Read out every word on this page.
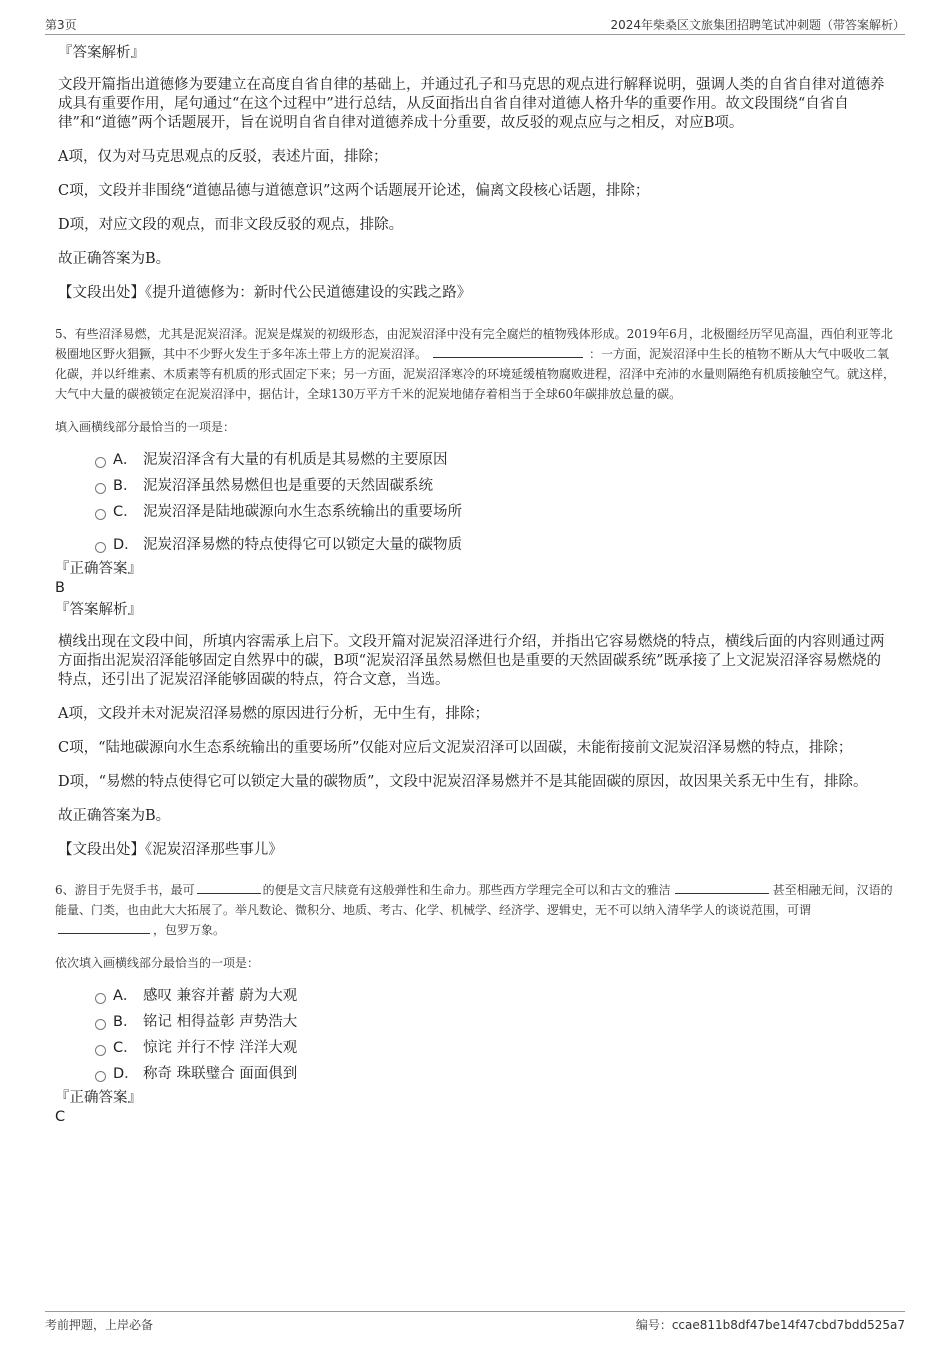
第3页	2024年柴桑区文旅集团招聘笔试冲刺题（带答案解析）

『答案解析』

文段开篇指出道德修为要建立在高度自省自律的基础上，并通过孔子和马克思的观点进行解释说明，强调人类的自省自律对道德养成具有重要作用，尾句通过“在这个过程中”进行总结，从反面指出自省自律对道德人格升华的重要作用。故文段围绕“自省自律”和“道德”两个话题展开，旨在说明自省自律对道德养成十分重要，故反驳的观点应与之相反，对应B项。

A项，仅为对马克思观点的反驳，表述片面，排除；

C项，文段并非围绕“道德品德与道德意识”这两个话题展开论述，偏离文段核心话题，排除；

D项，对应文段的观点，而非文段反驳的观点，排除。

故正确答案为B。

【文段出处】《提升道德修为：新时代公民道德建设的实践之路》

5、有些沼泽易燃，尤其是泥炭沼泽。泥炭是煤炭的初级形态，由泥炭沼泽中没有完全腐烂的植物残体形成。2019年6月，北极圈经历罕见高温，西伯利亚等北极圈地区野火猖獗，其中不少野火发生于多年冻土带上方的泥炭沼泽。	：一方面，泥炭沼泽中生长的植物不断从大气中吸收二氧化碳，并以纤维素、木质素等有机质的形式固定下来；另一方面，泥炭沼泽寒冷的环境延缓植物腐败进程，沼泽中充沛的水量则隔绝有机质接触空气。就这样，大气中大量的碳被锁定在泥炭沼泽中，据估计，全球130万平方千米的泥炭地储存着相当于全球60年碳排放总量的碳。

填入画横线部分最恰当的一项是：

A． 泥炭沼泽含有大量的有机质是其易燃的主要原因
B． 泥炭沼泽虽然易燃但也是重要的天然固碳系统
C． 泥炭沼泽是陆地碳源向水生态系统输出的重要场所
D． 泥炭沼泽易燃的特点使得它可以锁定大量的碳物质

『正确答案』

B

『答案解析』

横线出现在文段中间，所填内容需承上启下。文段开篇对泥炭沼泽进行介绍，并指出它容易燃烧的特点，横线后面的内容则通过两方面指出泥炭沼泽能够固定自然界中的碳，B项“泥炭沼泽虽然易燃但也是重要的天然固碳系统”既承接了上文泥炭沼泽容易燃烧的特点，还引出了泥炭沼泽能够固碳的特点，符合文意，当选。

A项，文段并未对泥炭沼泽易燃的原因进行分析，无中生有，排除；

C项，“陆地碳源向水生态系统输出的重要场所”仅能对应后文泥炭沼泽可以固碳，未能衔接前文泥炭沼泽易燃的特点，排除；

D项，“易燃的特点使得它可以锁定大量的碳物质”，文段中泥炭沼泽易燃并不是其能固碳的原因，故因果关系无中生有，排除。

故正确答案为B。

【文段出处】《泥炭沼泽那些事儿》

6、游目于先贤手书，最可	的便是文言尺牍竟有这般弹性和生命力。那些西方学理完全可以和古文的雅洁	甚至相融无间，汉语的能量、门类，也由此大大拓展了。举凡数论、微积分、地质、考古、化学、机械学、经济学、逻辑史，无不可以纳入清华学人的谈说范围，可谓，包罗万象。

依次填入画横线部分最恰当的一项是：

A． 感叹 兼容并蓄 蔚为大观
B． 铭记 相得益彰 声势浩大
C． 惊诧 并行不悖 洋洋大观
D． 称奇 珠联璧合 面面俱到

『正确答案』

C

考前押题，上岸必备	编号：ccae811b8df47be14f47cbd7bdd525a7
